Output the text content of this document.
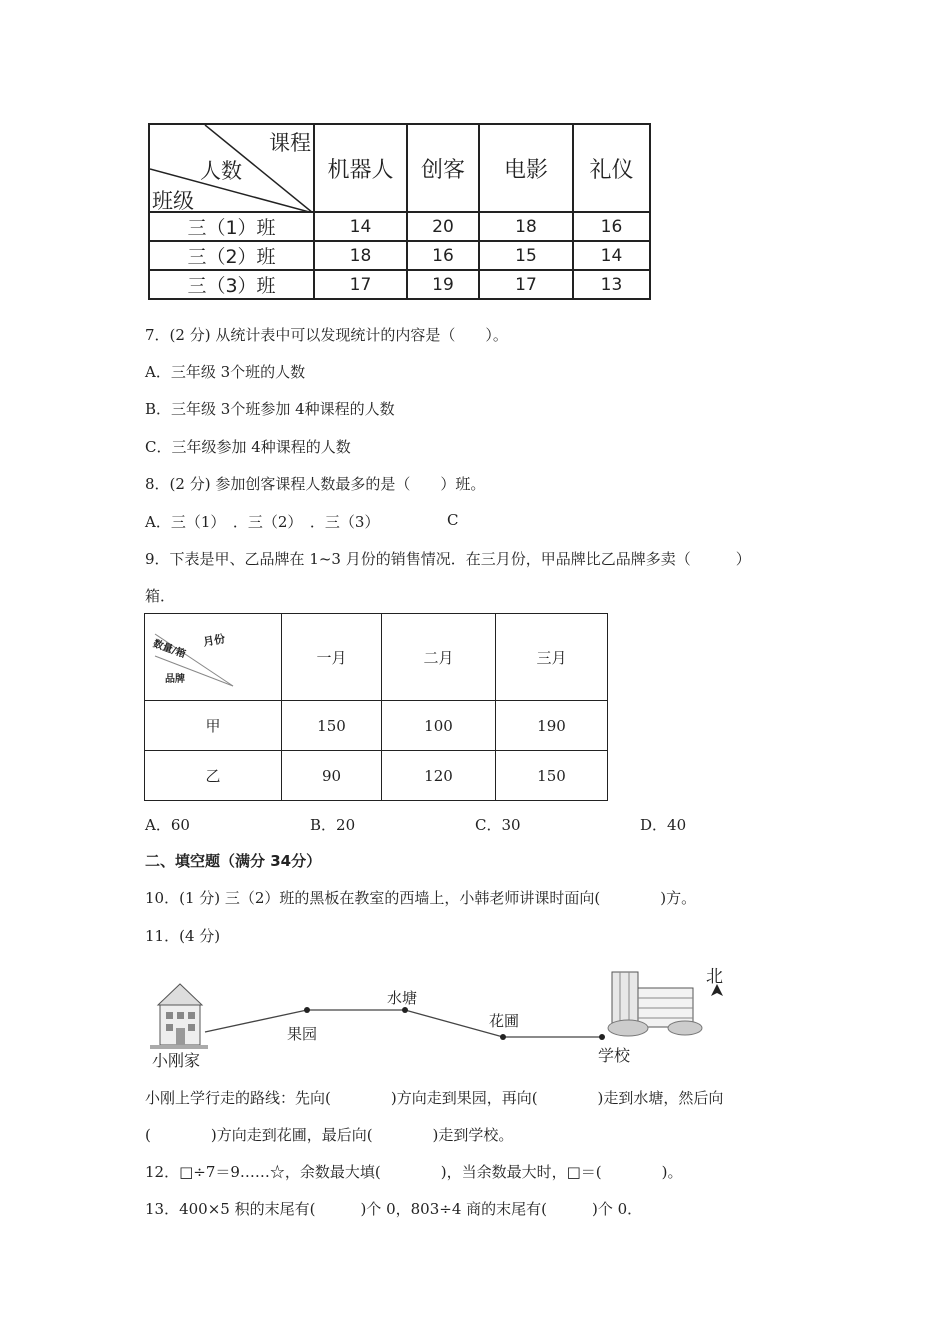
课程
人数
班级	机器人	创客	电影	礼仪
三（1）班	14	20	18	16
三（2）班	18	16	15	14
三（3）班	17	19	17	13
7．(2 分) 从统计表中可以发现统计的内容是（　　）。
A．三年级 3个班的人数
B．三年级 3个班参加 4种课程的人数
C．三年级参加 4种课程的人数
8．(2 分) 参加创客课程人数最多的是（　　）班。
A．三（1）　．三（2）　．三（3）	C
9．下表是甲、乙品牌在 1~3 月份的销售情况．在三月份，甲品牌比乙品牌多卖（　　　）
箱．
月份
数量/箱
品牌	一月	二月	三月
甲	150	100	190
乙	90	120	150
A．60	B．20	C．30	D．40
二、填空题（满分 34分）
10．(1 分) 三（2）班的黑板在教室的西墙上，小韩老师讲课时面向(　　　　)方。
11．(4 分)
北
小刚家
果园
水塘
花圃
学校
小刚上学行走的路线：先向(　　　　)方向走到果园，再向(　　　　)走到水塘，然后向
(　　　　)方向走到花圃，最后向(　　　　)走到学校。
12．□÷7＝9……☆，余数最大填(　　　　)，当余数最大时，□＝(　　　　)。
13．400×5 积的末尾有(　　　)个 0，803÷4 商的末尾有(　　　)个 0．
